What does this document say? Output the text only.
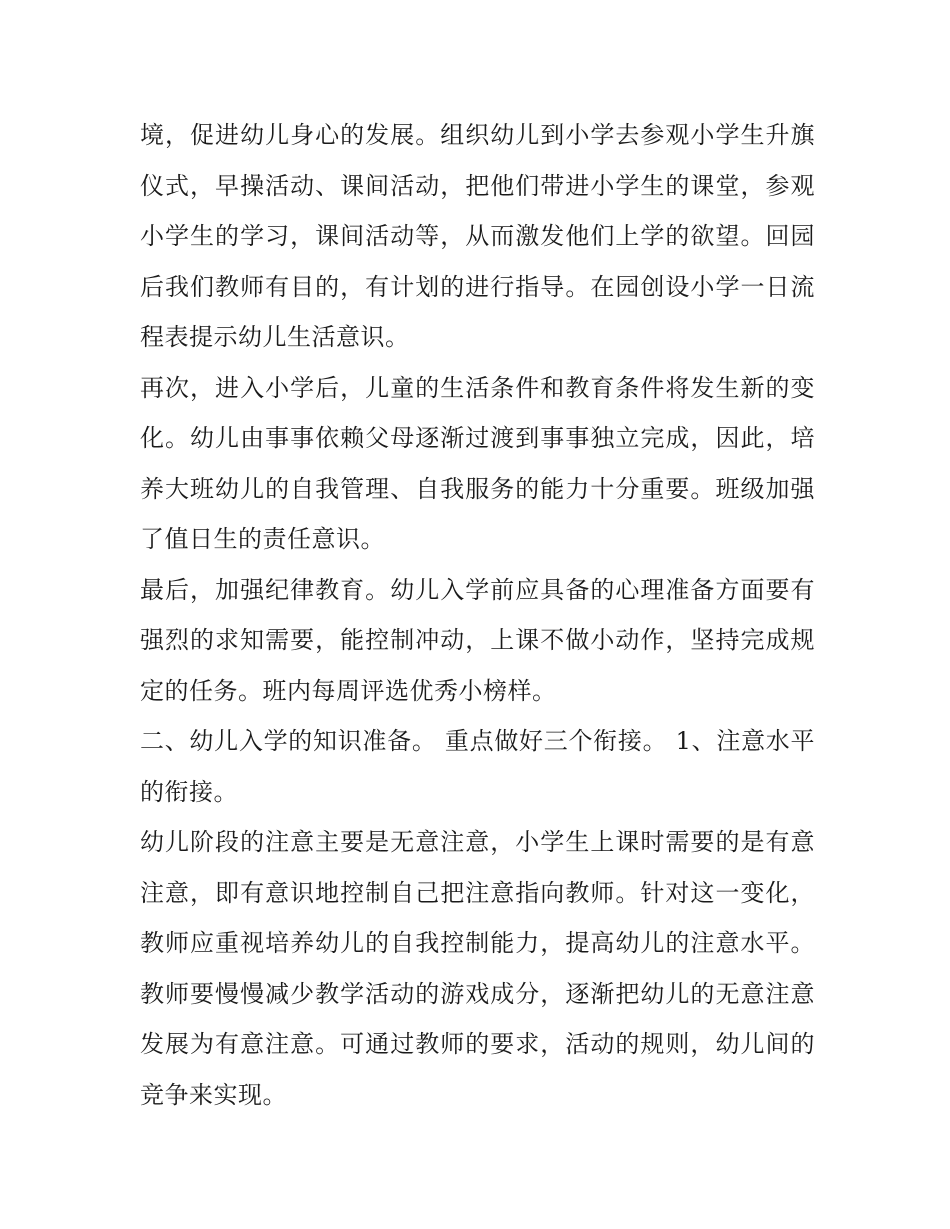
境，促进幼儿身心的发展。组织幼儿到小学去参观小学生升旗仪式，早操活动、课间活动，把他们带进小学生的课堂，参观小学生的学习，课间活动等，从而激发他们上学的欲望。回园后我们教师有目的，有计划的进行指导。在园创设小学一日流程表提示幼儿生活意识。

再次，进入小学后，儿童的生活条件和教育条件将发生新的变化。幼儿由事事依赖父母逐渐过渡到事事独立完成，因此，培养大班幼儿的自我管理、自我服务的能力十分重要。班级加强了值日生的责任意识。

最后，加强纪律教育。幼儿入学前应具备的心理准备方面要有强烈的求知需要，能控制冲动，上课不做小动作，坚持完成规定的任务。班内每周评选优秀小榜样。

二、幼儿入学的知识准备。 重点做好三个衔接。 1、注意水平的衔接。

幼儿阶段的注意主要是无意注意，小学生上课时需要的是有意注意，即有意识地控制自己把注意指向教师。针对这一变化，教师应重视培养幼儿的自我控制能力，提高幼儿的注意水平。教师要慢慢减少教学活动的游戏成分，逐渐把幼儿的无意注意发展为有意注意。可通过教师的要求，活动的规则，幼儿间的竞争来实现。
